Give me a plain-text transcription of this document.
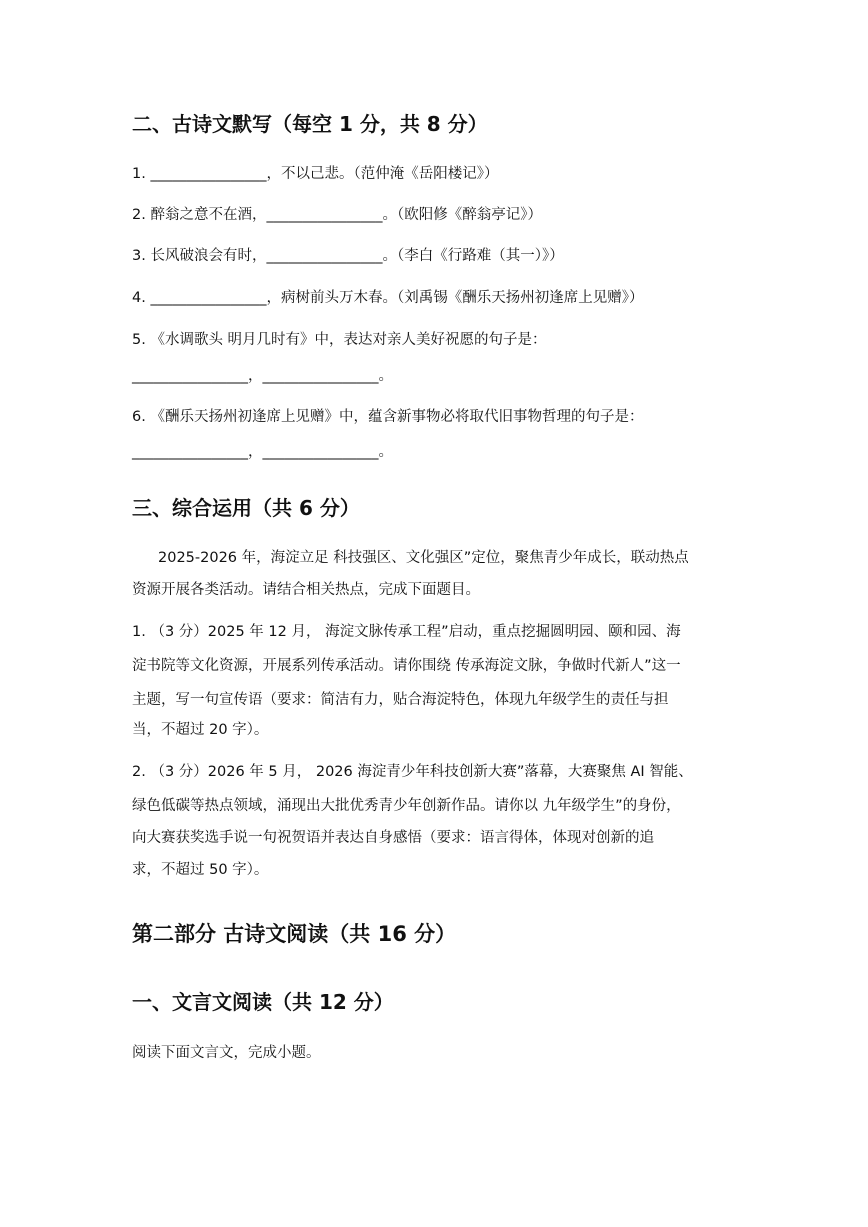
二、古诗文默写（每空 1 分，共 8 分）

1. ________________，不以己悲。（范仲淹《岳阳楼记》）

2. 醉翁之意不在酒，________________。（欧阳修《醉翁亭记》）

3. 长风破浪会有时，________________。（李白《行路难（其一）》）

4. ________________，病树前头万木春。（刘禹锡《酬乐天扬州初逢席上见赠》）

5. 《水调歌头 明月几时有》中，表达对亲人美好祝愿的句子是：

________________，________________。

6. 《酬乐天扬州初逢席上见赠》中，蕴含新事物必将取代旧事物哲理的句子是：

________________，________________。

三、综合运用（共 6 分）

2025-2026 年，海淀立足 科技强区、文化强区”定位，聚焦青少年成长，联动热点

资源开展各类活动。请结合相关热点，完成下面题目。

1. （3 分）2025 年 12 月， 海淀文脉传承工程”启动，重点挖掘圆明园、颐和园、海

淀书院等文化资源，开展系列传承活动。请你围绕 传承海淀文脉，争做时代新人”这一

主题，写一句宣传语（要求：简洁有力，贴合海淀特色，体现九年级学生的责任与担

当，不超过 20 字）。

2. （3 分）2026 年 5 月， 2026 海淀青少年科技创新大赛”落幕，大赛聚焦 AI 智能、

绿色低碳等热点领域，涌现出大批优秀青少年创新作品。请你以 九年级学生”的身份，

向大赛获奖选手说一句祝贺语并表达自身感悟（要求：语言得体，体现对创新的追

求，不超过 50 字）。

第二部分 古诗文阅读（共 16 分）
一、文言文阅读（共 12 分）

阅读下面文言文，完成小题。
